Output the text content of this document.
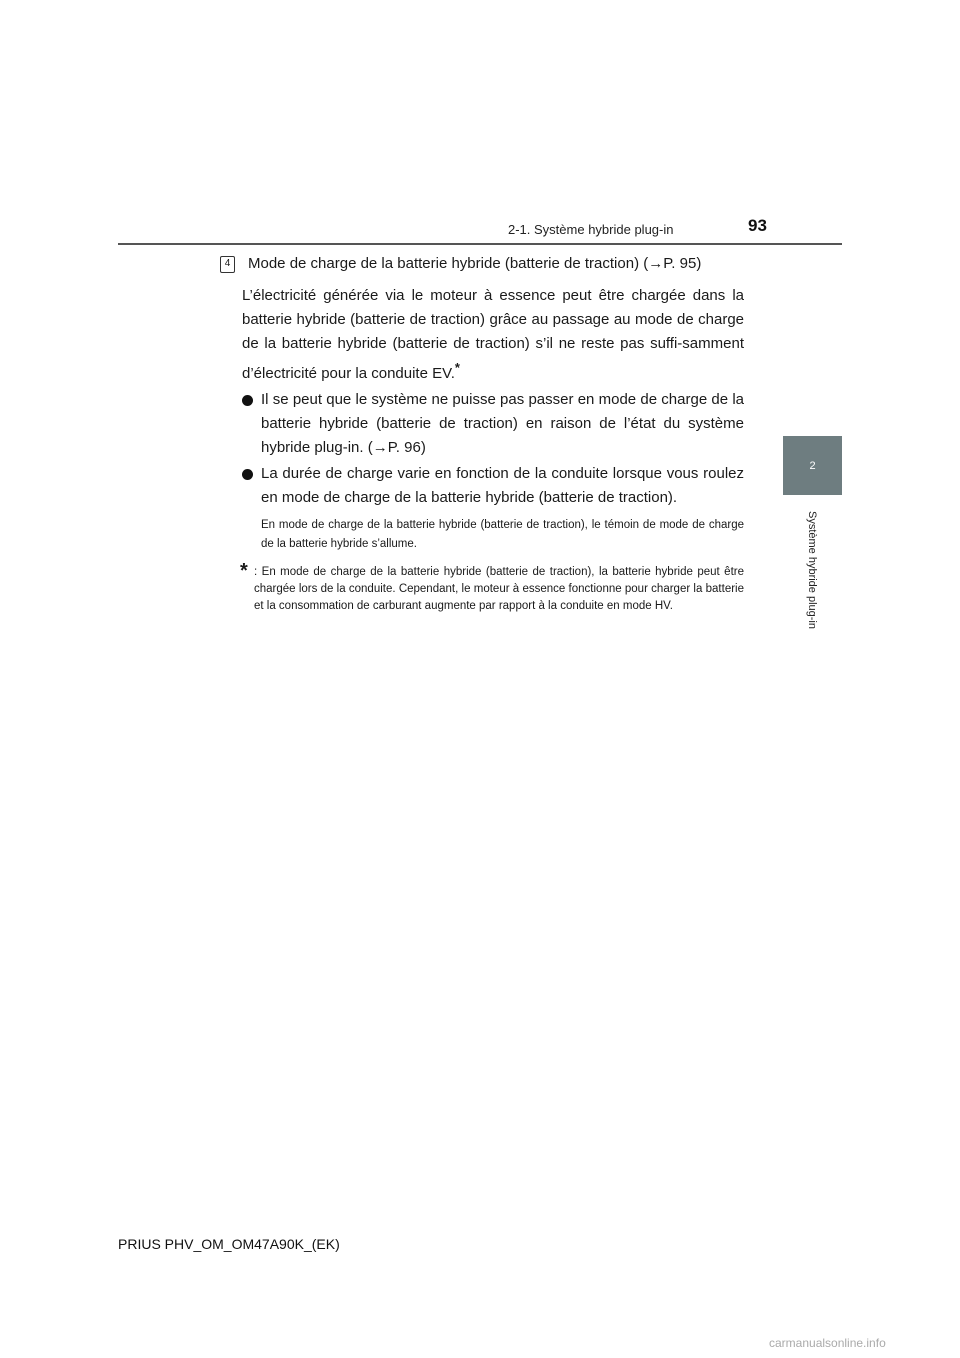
2-1. Système hybride plug-in	93
2
Système hybride plug-in
4	Mode de charge de la batterie hybride (batterie de traction) (→P. 95)

L’électricité générée via le moteur à essence peut être chargée dans la batterie hybride (batterie de traction) grâce au passage au mode de charge de la batterie hybride (batterie de traction) s’il ne reste pas suffi-samment d’électricité pour la conduite EV.*

Il se peut que le système ne puisse pas passer en mode de charge de la batterie hybride (batterie de traction) en raison de l’état du système hybride plug-in. (→P. 96)
La durée de charge varie en fonction de la conduite lorsque vous roulez en mode de charge de la batterie hybride (batterie de traction).

En mode de charge de la batterie hybride (batterie de traction), le témoin de mode de charge de la batterie hybride s’allume.

* : En mode de charge de la batterie hybride (batterie de traction), la batterie hybride peut être chargée lors de la conduite. Cependant, le moteur à essence fonctionne pour charger la batterie et la consommation de carburant augmente par rapport à la conduite en mode HV.
PRIUS PHV_OM_OM47A90K_(EK)
carmanualsonline.info
